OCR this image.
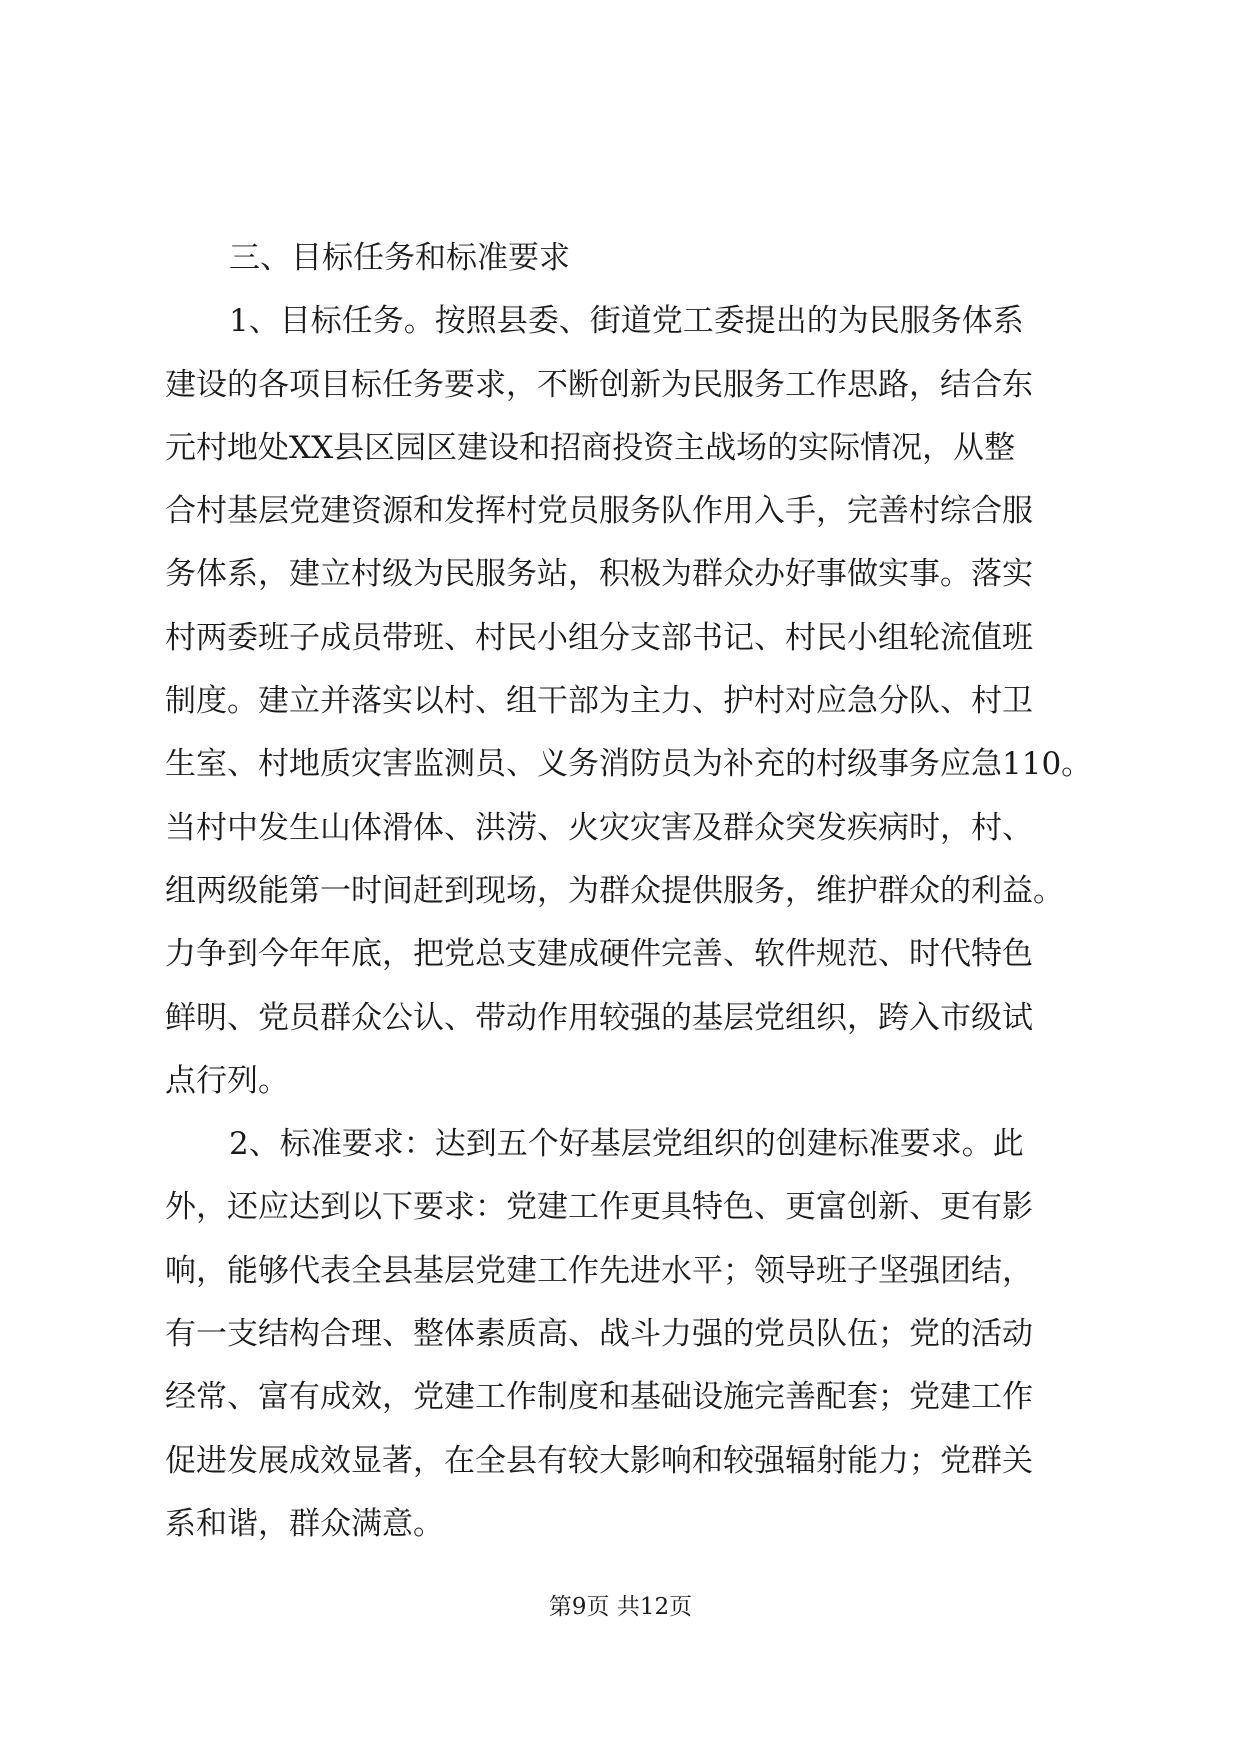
三、目标任务和标准要求
1、目标任务。按照县委、街道党工委提出的为民服务体系
建设的各项目标任务要求，不断创新为民服务工作思路，结合东
元村地处XX县区园区建设和招商投资主战场的实际情况，从整
合村基层党建资源和发挥村党员服务队作用入手，完善村综合服
务体系，建立村级为民服务站，积极为群众办好事做实事。落实
村两委班子成员带班、村民小组分支部书记、村民小组轮流值班
制度。建立并落实以村、组干部为主力、护村对应急分队、村卫
生室、村地质灾害监测员、义务消防员为补充的村级事务应急110。
当村中发生山体滑体、洪涝、火灾灾害及群众突发疾病时，村、
组两级能第一时间赶到现场，为群众提供服务，维护群众的利益。
力争到今年年底，把党总支建成硬件完善、软件规范、时代特色
鲜明、党员群众公认、带动作用较强的基层党组织，跨入市级试
点行列。
2、标准要求：达到五个好基层党组织的创建标准要求。此
外，还应达到以下要求：党建工作更具特色、更富创新、更有影
响，能够代表全县基层党建工作先进水平；领导班子坚强团结，
有一支结构合理、整体素质高、战斗力强的党员队伍；党的活动
经常、富有成效，党建工作制度和基础设施完善配套；党建工作
促进发展成效显著，在全县有较大影响和较强辐射能力；党群关
系和谐，群众满意。
第9页 共12页
